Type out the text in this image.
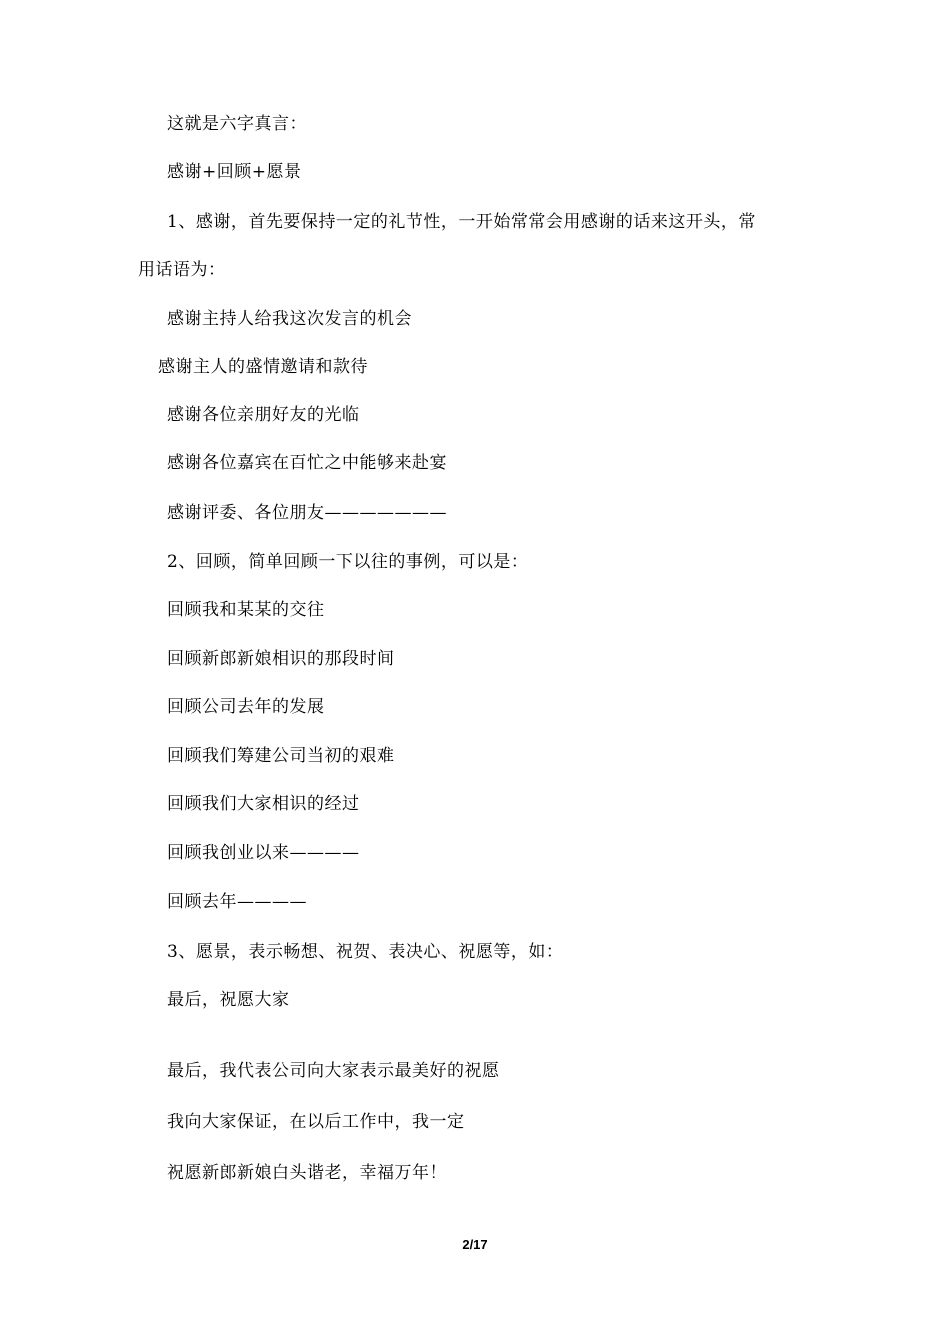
这就是六字真言：
感谢+回顾+愿景
1、感谢，首先要保持一定的礼节性，一开始常常会用感谢的话来这开头，常
用话语为：
感谢主持人给我这次发言的机会
感谢主人的盛情邀请和款待
感谢各位亲朋好友的光临
感谢各位嘉宾在百忙之中能够来赴宴
感谢评委、各位朋友———————
2、回顾，简单回顾一下以往的事例，可以是：
回顾我和某某的交往
回顾新郎新娘相识的那段时间
回顾公司去年的发展
回顾我们筹建公司当初的艰难
回顾我们大家相识的经过
回顾我创业以来————
回顾去年————
3、愿景，表示畅想、祝贺、表决心、祝愿等，如：
最后，祝愿大家
最后，我代表公司向大家表示最美好的祝愿
我向大家保证，在以后工作中，我一定
祝愿新郎新娘白头谐老，幸福万年！
2/17
